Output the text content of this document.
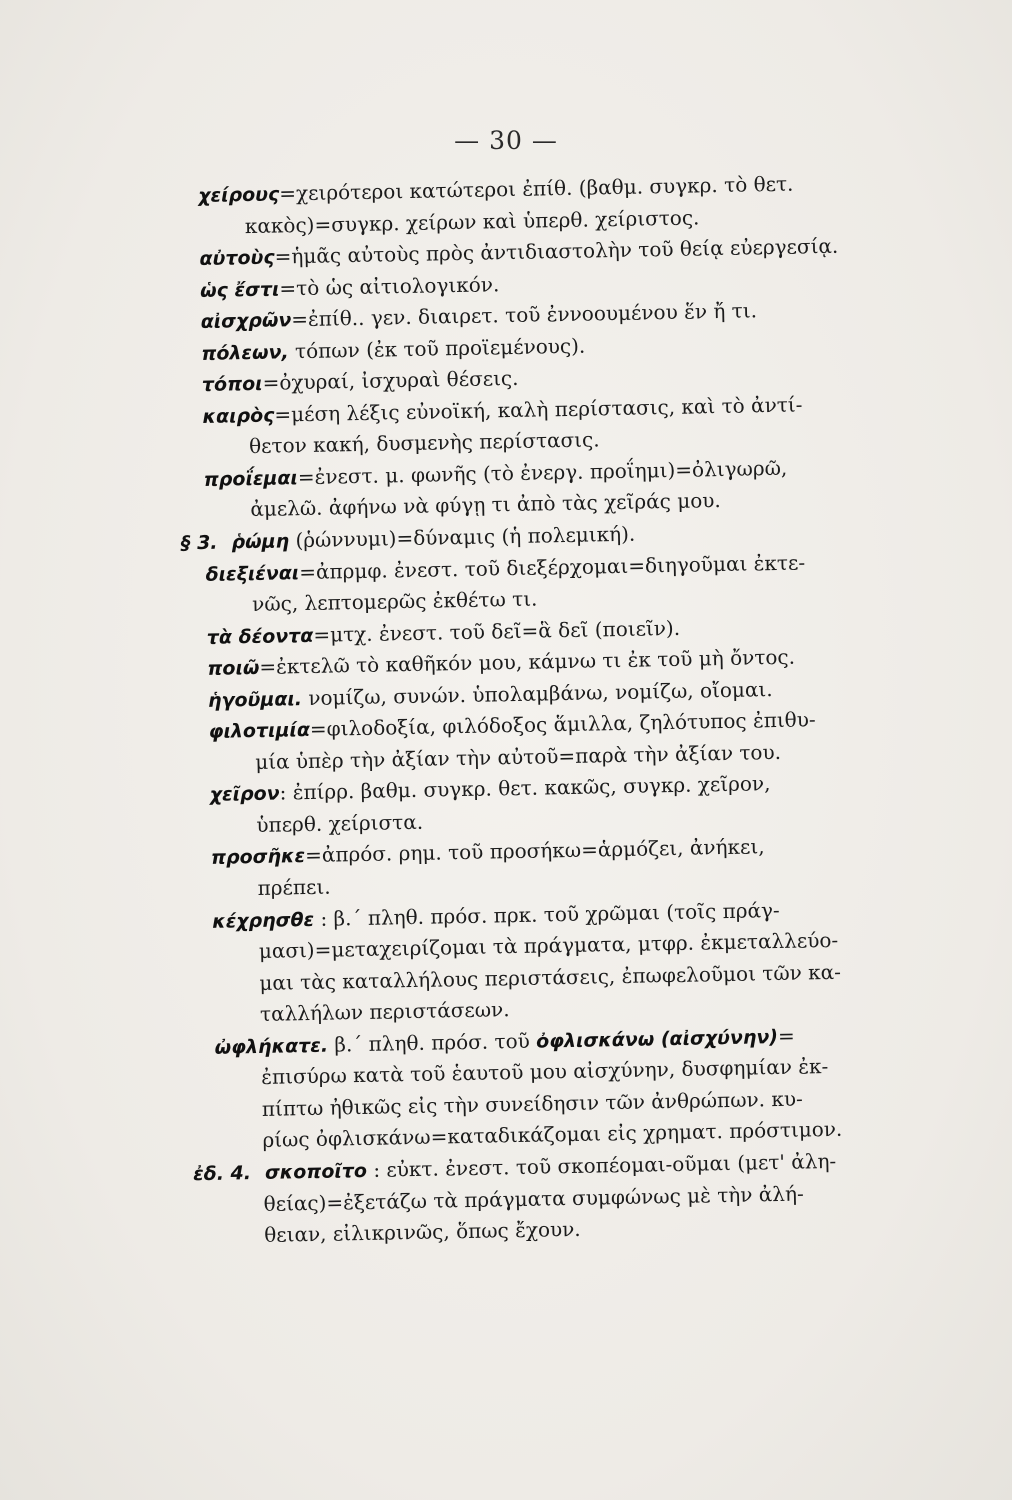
— 30 —
χείρους=χειρότεροι κατώτεροι ἐπίθ. (βαθμ. συγκρ. τὸ θετ.
κακὸς)=συγκρ. χείρων καὶ ὑπερθ. χείριστος.
αὐτοὺς=ἡμᾶς αὐτοὺς πρὸς ἀντιδιαστολὴν τοῦ θείᾳ εὐεργεσίᾳ.
ὡς ἔστι=τὸ ὡς αἰτιολογικόν.
αἰσχρῶν=ἐπίθ.. γεν. διαιρετ. τοῦ ἐννοουμένου ἕν ἤ τι.
πόλεων, τόπων (ἐκ τοῦ προϊεμένους).
τόποι=ὀχυραί, ἰσχυραὶ θέσεις.
καιρὸς=μέση λέξις εὐνοϊκή, καλὴ περίστασις, καὶ τὸ ἀντί-
θετον κακή, δυσμενὴς περίστασις.
προΐεμαι=ἐνεστ. μ. φωνῆς (τὸ ἐνεργ. προΐημι)=ὀλιγωρῶ,
ἀμελῶ. ἀφήνω νὰ φύγῃ τι ἀπὸ τὰς χεῖράς μου.
§ 3. ῥώμη (ῥώννυμι)=δύναμις (ἡ πολεμική).
διεξιέναι=ἀπρμφ. ἐνεστ. τοῦ διεξέρχομαι=διηγοῦμαι ἐκτε-
νῶς, λεπτομερῶς ἐκθέτω τι.
τὰ δέοντα=μτχ. ἐνεστ. τοῦ δεῖ=ἃ δεῖ (ποιεῖν).
ποιῶ=ἐκτελῶ τὸ καθῆκόν μου, κάμνω τι ἐκ τοῦ μὴ ὄντος.
ἡγοῦμαι. νομίζω, συνών. ὑπολαμβάνω, νομίζω, οἴομαι.
φιλοτιμία=φιλοδοξία, φιλόδοξος ἅμιλλα, ζηλότυπος ἐπιθυ-
μία ὑπὲρ τὴν ἀξίαν τὴν αὐτοῦ=παρὰ τὴν ἀξίαν του.
χεῖρον: ἐπίρρ. βαθμ. συγκρ. θετ. κακῶς, συγκρ. χεῖρον,
ὑπερθ. χείριστα.
προσῆκε=ἀπρόσ. ρημ. τοῦ προσήκω=ἁρμόζει, ἀνήκει,
πρέπει.
κέχρησθε : β.΄ πληθ. πρόσ. πρκ. τοῦ χρῶμαι (τοῖς πράγ-
μασι)=μεταχειρίζομαι τὰ πράγματα, μτφρ. ἐκμεταλλεύο-
μαι τὰς καταλλήλους περιστάσεις, ἐπωφελοῦμοι τῶν κα-
ταλλήλων περιστάσεων.
ὠφλήκατε. β.΄ πληθ. πρόσ. τοῦ ὀφλισκάνω (αἰσχύνην)=
ἐπισύρω κατὰ τοῦ ἑαυτοῦ μου αἰσχύνην, δυσφημίαν ἐκ-
πίπτω ἠθικῶς εἰς τὴν συνείδησιν τῶν ἀνθρώπων. κυ-
ρίως ὀφλισκάνω=καταδικάζομαι εἰς χρηματ. πρόστιμον.
ἐδ. 4. σκοποῖτο : εὐκτ. ἐνεστ. τοῦ σκοπέομαι-οῦμαι (μετ' ἀλη-
θείας)=ἐξετάζω τὰ πράγματα συμφώνως μὲ τὴν ἀλή-
θειαν, εἰλικρινῶς, ὅπως ἔχουν.
